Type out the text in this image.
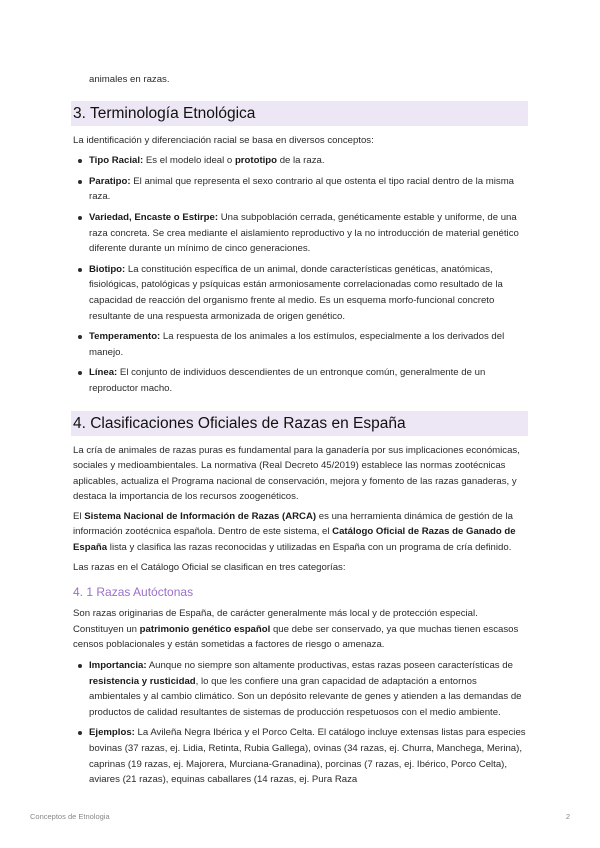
animales en razas.

3. Terminología Etnológica

La identificación y diferenciación racial se basa en diversos conceptos:

Tipo Racial: Es el modelo ideal o prototipo de la raza.
Paratipo: El animal que representa el sexo contrario al que ostenta el tipo racial dentro de la misma raza.
Variedad, Encaste o Estirpe: Una subpoblación cerrada, genéticamente estable y uniforme, de una raza concreta. Se crea mediante el aislamiento reproductivo y la no introducción de material genético diferente durante un mínimo de cinco generaciones.
Biotipo: La constitución específica de un animal, donde características genéticas, anatómicas, fisiológicas, patológicas y psíquicas están armoniosamente correlacionadas como resultado de la capacidad de reacción del organismo frente al medio. Es un esquema morfo-funcional concreto resultante de una respuesta armonizada de origen genético.
Temperamento: La respuesta de los animales a los estímulos, especialmente a los derivados del manejo.
Línea: El conjunto de individuos descendientes de un entronque común, generalmente de un reproductor macho.
4. Clasificaciones Oficiales de Razas en España

La cría de animales de razas puras es fundamental para la ganadería por sus implicaciones económicas, sociales y medioambientales. La normativa (Real Decreto 45/2019) establece las normas zootécnicas aplicables, actualiza el Programa nacional de conservación, mejora y fomento de las razas ganaderas, y destaca la importancia de los recursos zoogenéticos.

El Sistema Nacional de Información de Razas (ARCA) es una herramienta dinámica de gestión de la información zootécnica española. Dentro de este sistema, el Catálogo Oficial de Razas de Ganado de España lista y clasifica las razas reconocidas y utilizadas en España con un programa de cría definido.

Las razas en el Catálogo Oficial se clasifican en tres categorías:

4. 1 Razas Autóctonas

Son razas originarias de España, de carácter generalmente más local y de protección especial. Constituyen un patrimonio genético español que debe ser conservado, ya que muchas tienen escasos censos poblacionales y están sometidas a factores de riesgo o amenaza.

Importancia: Aunque no siempre son altamente productivas, estas razas poseen características de resistencia y rusticidad, lo que les confiere una gran capacidad de adaptación a entornos ambientales y al cambio climático. Son un depósito relevante de genes y atienden a las demandas de productos de calidad resultantes de sistemas de producción respetuosos con el medio ambiente.
Ejemplos: La Avileña Negra Ibérica y el Porco Celta. El catálogo incluye extensas listas para especies bovinas (37 razas, ej. Lidia, Retinta, Rubia Gallega), ovinas (34 razas, ej. Churra, Manchega, Merina), caprinas (19 razas, ej. Majorera, Murciana-Granadina), porcinas (7 razas, ej. Ibérico, Porco Celta), aviares (21 razas), equinas caballares (14 razas, ej. Pura Raza
Conceptos de Etnologia	2
